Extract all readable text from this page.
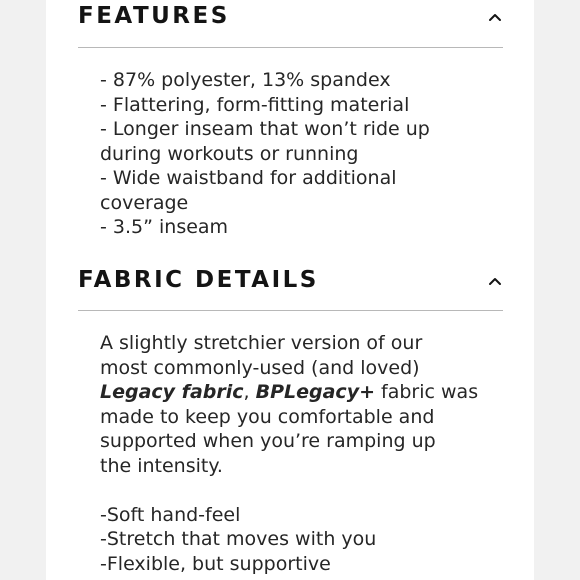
FEATURES
- 87% polyester, 13% spandex
- Flattering, form-fitting material
- Longer inseam that won’t ride up
during workouts or running
- Wide waistband for additional
coverage
- 3.5” inseam
FABRIC DETAILS
A slightly stretchier version of our
most commonly-used (and loved)
Legacy fabric, BPLegacy+ fabric was
made to keep you comfortable and
supported when you’re ramping up
the intensity.
-Soft hand-feel
-Stretch that moves with you
-Flexible, but supportive
